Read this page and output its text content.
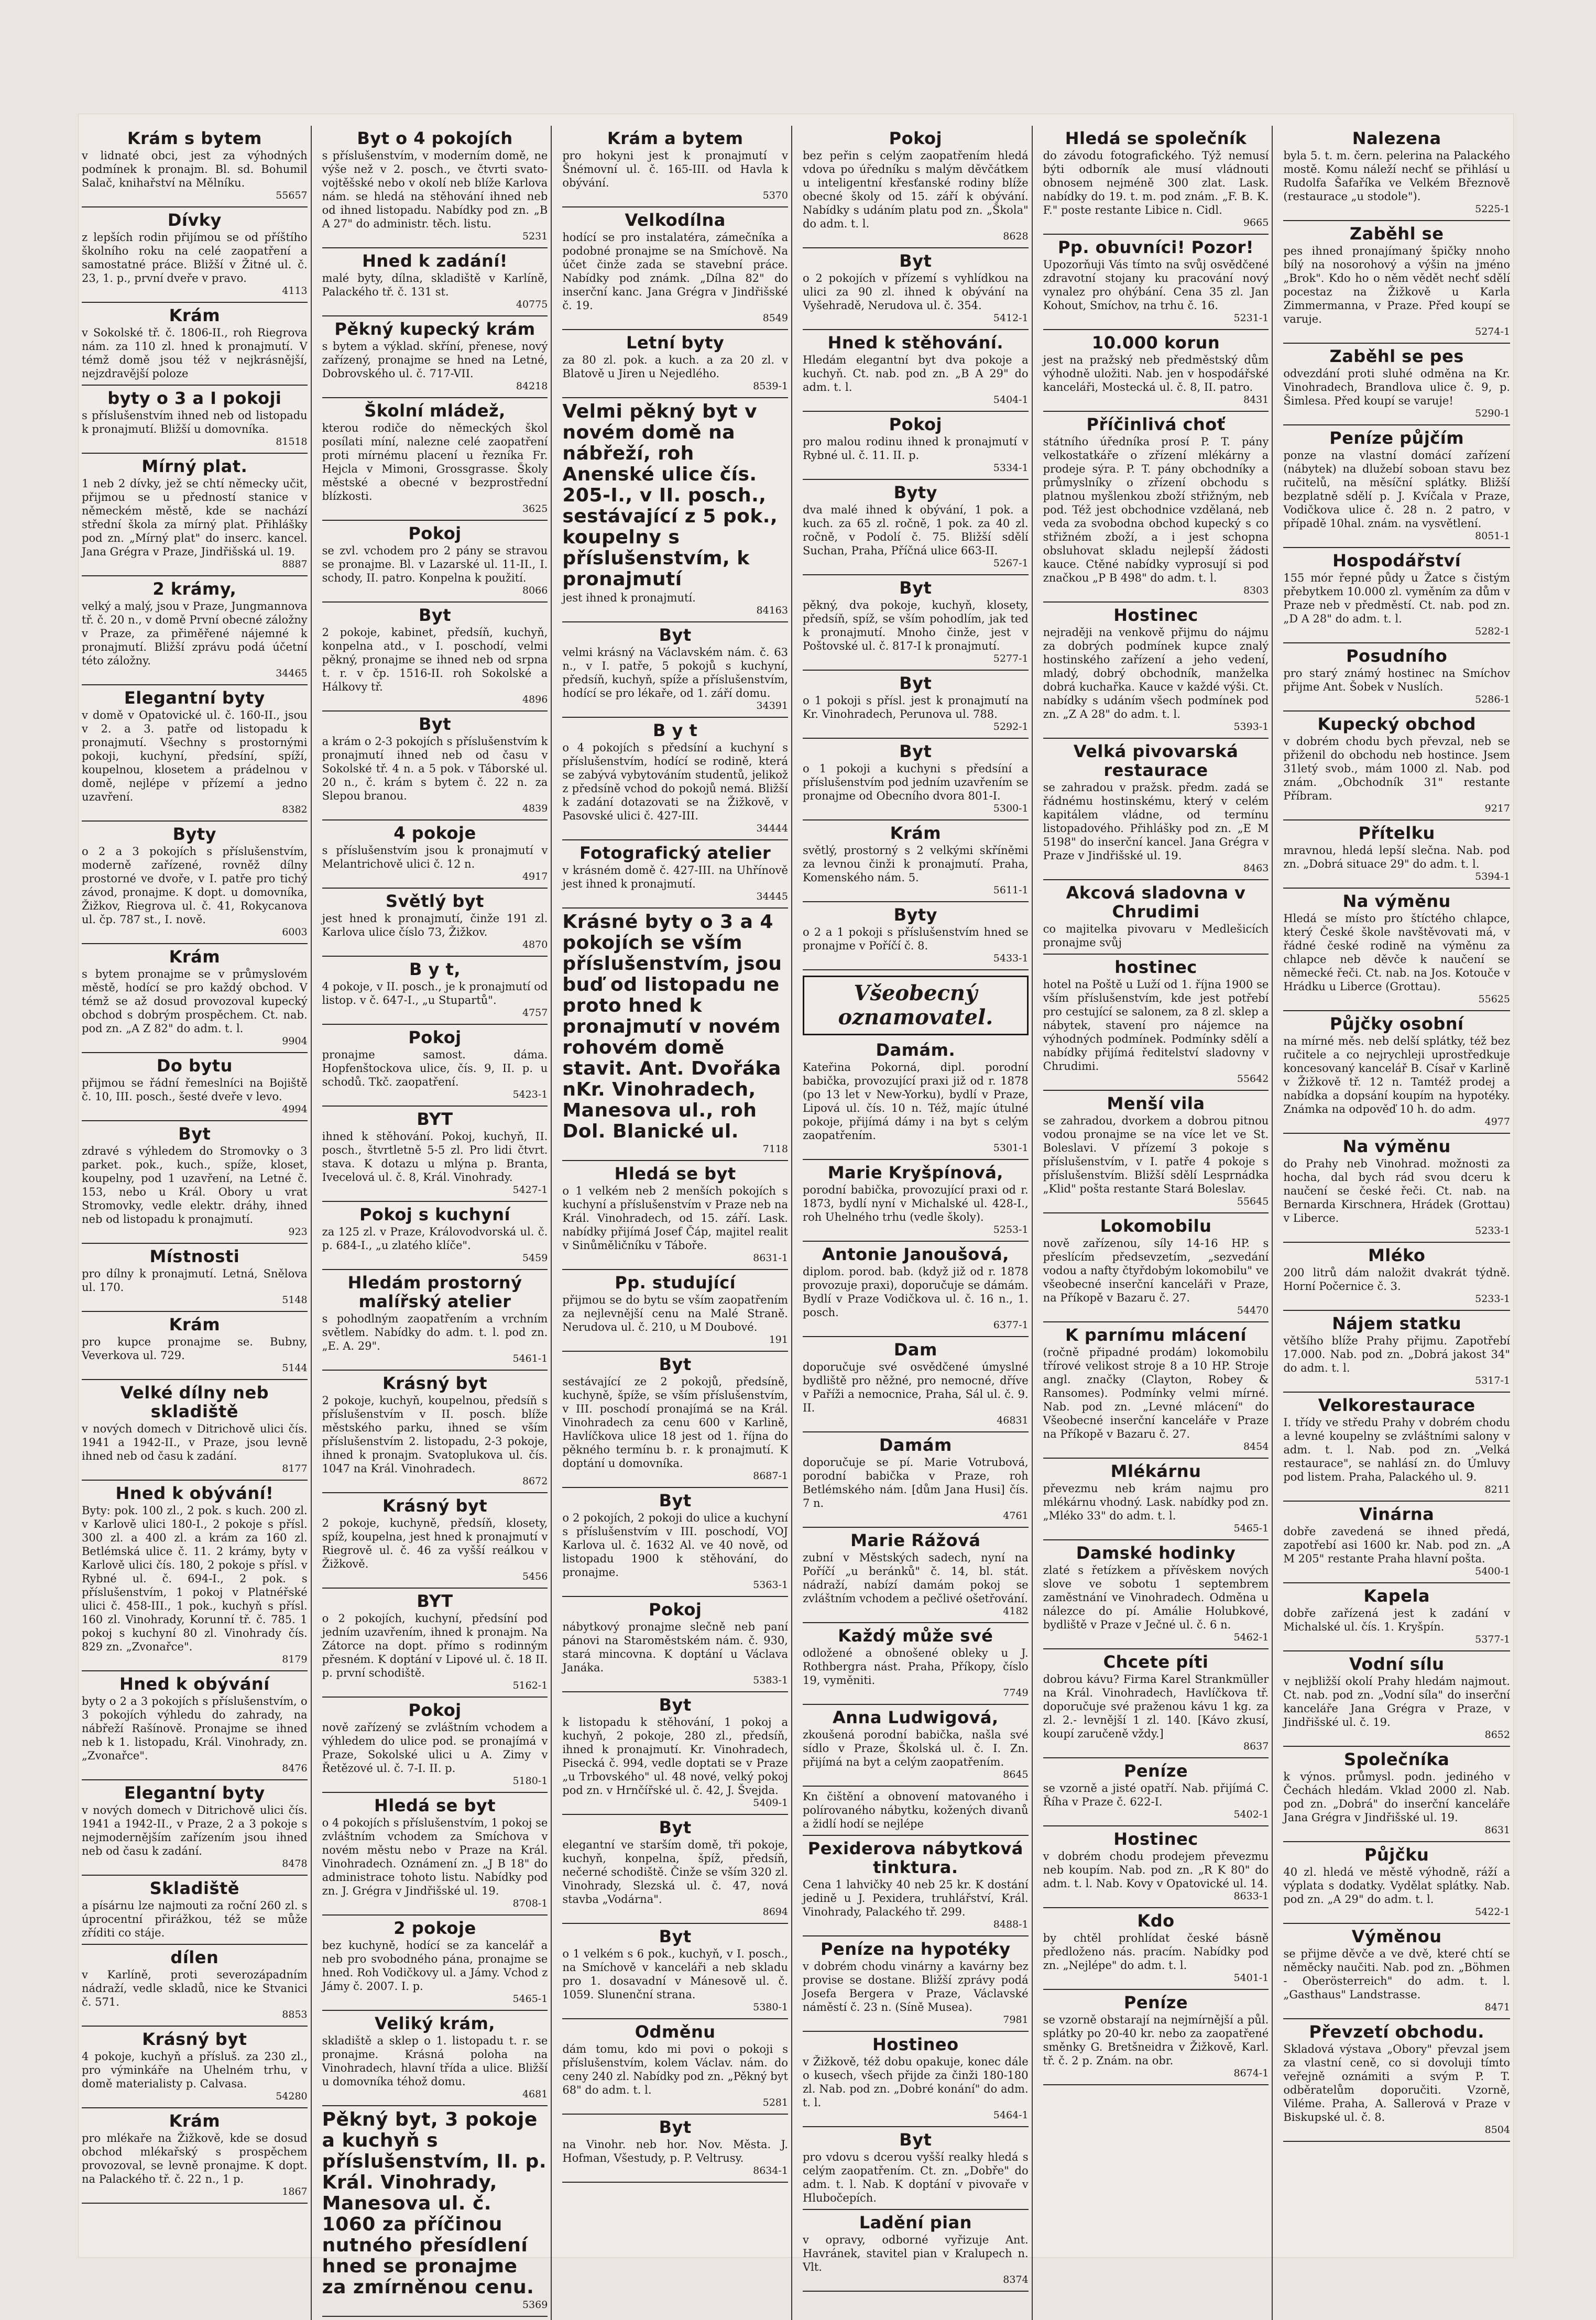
Krám s bytem
v lidnaté obci, jest za výhodných podmínek k pronajm. Bl. sd. Bohumil Salač, knihařství na Mělníku.
55657
Dívky
z lepších rodin přijímou se od příštího školního roku na celé zaopatření a samostatné práce. Bližší v Žitné ul. č. 23, 1. p., první dveře v pravo.
4113
Krám
v Sokolské tř. č. 1806-II., roh Riegrova nám. za 110 zl. hned k pronajmutí. V témž domě jsou též v nejkrásnější, nejzdravější poloze
byty o 3 a I pokoji
s příslušenstvím ihned neb od listopadu k pronajmutí. Bližší u domovníka.
81518
Mírný plat.
1 neb 2 dívky, jež se chtí německy učit, přijmou se u předností stanice v německém městě, kde se nachází střední škola za mírný plat. Přihlášky pod zn. „Mírný plat" do inserc. kancel. Jana Grégra v Praze, Jindřišská ul. 19.
8887
2 krámy,
velký a malý, jsou v Praze, Jungmannova tř. č. 20 n., v domě První obecné záložny v Praze, za přiměřené nájemné k pronajmutí. Bližší zprávu podá účetní této záložny.
34465
Elegantní byty
v domě v Opatovické ul. č. 160-II., jsou v 2. a 3. patře od listopadu k pronajmutí. Všechny s prostornými pokoji, kuchyní, předsíní, spíží, koupelnou, klosetem a prádelnou v domě, nejlépe v přízemí a jedno uzavření.
8382
Byty
o 2 a 3 pokojích s příslušenstvím, moderně zařízené, rovněž dílny prostorné ve dvoře, v I. patře pro tichý závod, pronajme. K dopt. u domovníka, Žižkov, Riegrova ul. č. 41, Rokycanova ul. čp. 787 st., I. nově.
6003
Krám
s bytem pronajme se v průmyslovém městě, hodící se pro každý obchod. V témž se až dosud provozoval kupecký obchod s dobrým prospěchem. Ct. nab. pod zn. „A Z 82" do adm. t. l.
9904
Do bytu
přijmou se řádní řemeslníci na Bojiště č. 10, III. posch., šesté dveře v levo.
4994
Byt
zdravé s výhledem do Stromovky o 3 parket. pok., kuch., spíže, kloset, koupelny, pod 1 uzavření, na Letné č. 153, nebo u Král. Obory u vrat Stromovky, vedle elektr. dráhy, ihned neb od listopadu k pronajmutí.
923
Místnosti
pro dílny k pronajmutí. Letná, Snělova ul. 170.
5148
Krám
pro kupce pronajme se. Bubny, Veverkova ul. 729.
5144
Velké dílny neb skladiště
v nových domech v Ditrichově ulici čís. 1941 a 1942-II., v Praze, jsou levně ihned neb od času k zadání.
8177
Hned k obývání!
Byty: pok. 100 zl., 2 pok. s kuch. 200 zl. v Karlově ulici 180-I., 2 pokoje s přísl. 300 zl. a 400 zl. a krám za 160 zl. Betlémská ulice č. 11. 2 krámy, byty v Karlově ulici čís. 180, 2 pokoje s přísl. v Rybné ul. č. 694-I., 2 pok. s příslušenstvím, 1 pokoj v Platnéřské ulici č. 458-III., 1 pok., kuchyň s přísl. 160 zl. Vinohrady, Korunní tř. č. 785. 1 pokoj s kuchyní 80 zl. Vinohrady čís. 829 zn. „Zvonařce".
8179
Hned k obývání
byty o 2 a 3 pokojích s příslušenstvím, o 3 pokojích výhledu do zahrady, na nábřeží Rašínově. Pronajme se ihned neb k 1. listopadu, Král. Vinohrady, zn. „Zvonařce".
8476
Elegantní byty
v nových domech v Ditrichově ulici čís. 1941 a 1942-II., v Praze, 2 a 3 pokoje s nejmodernějším zařízením jsou ihned neb od času k zadání.
8478
Skladiště
a písárnu lze najmouti za roční 260 zl. s úprocentní přirážkou, též se může zříditi co stáje.
dílen
v Karlíně, proti severozápadním nádraží, vedle skladů, nice ke Stvanici č. 571.
8853
Krásný byt
4 pokoje, kuchyň a přísluš. za 230 zl., pro výminkáře na Uhelném trhu, v domě materialisty p. Calvasa.
54280
Krám
pro mlékaře na Žižkově, kde se dosud obchod mlékařský s prospěchem provozoval, se levně pronajme. K dopt. na Palackého tř. č. 22 n., 1 p.
1867
Byt o 4 pokojích
s příslušenstvím, v moderním domě, ne výše než v 2. posch., ve čtvrti svato-vojtěšské nebo v okolí neb blíže Karlova nám. se hledá na stěhování ihned neb od ihned listopadu. Nabídky pod zn. „B A 27" do administr. těch. listu.
5231
Hned k zadání!
malé byty, dílna, skladiště v Karlíně, Palackého tř. č. 131 st.
40775
Pěkný kupecký krám
s bytem a výklad. skříní, přenese, nový zařízený, pronajme se hned na Letné, Dobrovského ul. č. 717-VII.
84218
Školní mládež,
kterou rodiče do německých škol posílati míní, nalezne celé zaopatření proti mírnému placení u řezníka Fr. Hejcla v Mimoni, Grossgrasse. Školy městské a obecné v bezprostřední blízkosti.
3625
Pokoj
se zvl. vchodem pro 2 pány se stravou se pronajme. Bl. v Lazarské ul. 11-II., I. schody, II. patro. Konpelna k použití.
8066
Byt
2 pokoje, kabinet, předsíň, kuchyň, konpelna atd., v I. poschodí, velmi pěkný, pronajme se ihned neb od srpna t. r. v čp. 1516-II. roh Sokolské a Hálkovy tř.
4896
Byt
a krám o 2-3 pokojích s příslušenstvím k pronajmutí ihned neb od času v Sokolské tř. 4 n. a 5 pok. v Táborské ul. 20 n., č. krám s bytem č. 22 n. za Slepou branou.
4839
4 pokoje
s příslušenstvím jsou k pronajmutí v Melantrichově ulici č. 12 n.
4917
Světlý byt
jest hned k pronajmutí, činže 191 zl. Karlova ulice číslo 73, Žižkov.
4870
B y t,
4 pokoje, v II. posch., je k pronajmutí od listop. v č. 647-I., „u Stupartů".
4757
Pokoj
pronajme samost. dáma. Hopfenštockova ulice, čís. 9, II. p. u schodů. Tkč. zaopatření.
5423-1
BYT
ihned k stěhování. Pokoj, kuchyň, II. posch., štvrtletně 5-5 zl. Pro lidi čtvrt. stava. K dotazu u mlýna p. Branta, Ivecelová ul. č. 8, Král. Vinohrady.
5427-1
Pokoj s kuchyní
za 125 zl. v Praze, Královodvorská ul. č. p. 684-I., „u zlatého klíče".
5459
Hledám prostorný malířský atelier
s pohodlným zaopatřením a vrchním světlem. Nabídky do adm. t. l. pod zn. „E. A. 29".
5461-1
Krásný byt
2 pokoje, kuchyň, koupelnou, předsíň s příslušenstvím v II. posch. blíže městského parku, ihned se vším příslušenstvím 2. listopadu, 2-3 pokoje, ihned k pronajm. Svatoplukova ul. čís. 1047 na Král. Vinohradech.
8672
Krásný byt
2 pokoje, kuchyně, předsíň, klosety, spíž, koupelna, jest hned k pronajmutí v Riegrově ul. č. 46 za vyšší reálkou v Žižkově.
5456
BYT
o 2 pokojích, kuchyní, předsíní pod jedním uzavřením, ihned k pronajm. Na Zátorce na dopt. přímo s rodinným přesném. K doptání v Lipové ul. č. 18 II. p. první schodiště.
5162-1
Pokoj
nově zařízený se zvláštním vchodem a výhledem do ulice pod. se pronajímá v Praze, Sokolské ulici u A. Zimy v Řetězové ul. č. 7-I. II. p.
5180-1
Hledá se byt
o 4 pokojích s příslušenstvím, 1 pokoj se zvláštním vchodem za Smíchova v novém městu nebo v Praze na Král. Vinohradech. Oznámení zn. „J B 18" do administrace tohoto listu. Nabídky pod zn. J. Grégra v Jindřišské ul. 19.
8708-1
2 pokoje
bez kuchyně, hodící se za kancelář a neb pro svobodného pána, pronajme se hned. Roh Vodičkovy ul. a Jámy. Vchod z Jámy č. 2007. I. p.
5465-1
Veliký krám,
skladiště a sklep o 1. listopadu t. r. se pronajme. Krásná poloha na Vinohradech, hlavní třída a ulice. Bližší u domovníka téhož domu.
4681
Pěkný byt, 3 pokoje a kuchyň s příslušenstvím, II. p. Král. Vinohrady, Manesova ul. č. 1060 za příčinou nutného přesídlení hned se pronajme za zmírněnou cenu.
5369
Krám a bytem
pro hokyni jest k pronajmutí v Šnémovní ul. č. 165-III. od Havla k obývání.
5370
Velkodílna
hodící se pro instalatéra, zámečníka a podobné pronajme se na Smíchově. Na účet činže zada se stavební práce. Nabídky pod známk. „Dílna 82" do inserční kanc. Jana Grégra v Jindřišské č. 19.
8549
Letní byty
za 80 zl. pok. a kuch. a za 20 zl. v Blatově u Jiren u Nejedlého.
8539-1
Velmi pěkný byt v novém domě na nábřeží, roh Anenské ulice čís. 205-I., v II. posch., sestávající z 5 pok., koupelny s příslušenstvím, k pronajmutí
jest ihned k pronajmutí.
84163
Byt
velmi krásný na Václavském nám. č. 63 n., v I. patře, 5 pokojů s kuchyní, předsíň, kuchyň, spíže a příslušenstvím, hodící se pro lékaře, od 1. září domu.
34391
B y t
o 4 pokojích s předsíní a kuchyní s příslušenstvím, hodící se rodině, která se zabývá vybytováním studentů, jelikož z předsíně vchod do pokojů nemá. Bližší k zadání dotazovati se na Žižkově, v Pasovské ulici č. 427-III.
34444
Fotografický atelier
v krásném domě č. 427-III. na Uhřínově jest ihned k pronajmutí.
34445
Krásné byty o 3 a 4 pokojích se vším příslušenstvím, jsou buď od listopadu ne proto hned k pronajmutí v novém rohovém domě stavit. Ant. Dvořáka nKr. Vinohradech, Manesova ul., roh Dol. Blanické ul.
7118
Hledá se byt
o 1 velkém neb 2 menších pokojích s kuchyní a příslušenstvím v Praze neb na Král. Vinohradech, od 15. září. Lask. nabídky přijímá Josef Čáp, majitel realit v Sinůměličníku v Táboře.
8631-1
Pp. studující
přijmou se do bytu se vším zaopatřením za nejlevnější cenu na Malé Straně. Nerudova ul. č. 210, u M Doubové.
191
Byt
sestávající ze 2 pokojů, předsíně, kuchyně, špíže, se vším příslušenstvím, v III. poschodí pronajímá se na Král. Vinohradech za cenu 600 v Karlině, Havlíčkova ulice 18 jest od 1. října do pěkného termínu b. r. k pronajmutí. K doptání u domovníka.
8687-1
Byt
o 2 pokojích, 2 pokoji do ulice a kuchyní s příslušenstvím v III. poschodí, VOJ Karlova ul. č. 1632 Al. ve 40 nově, od listopadu 1900 k stěhování, do pronajme.
5363-1
Pokoj
nábytkový pronajme slečně neb paní pánovi na Staroměstském nám. č. 930, stará mincovna. K doptání u Václava Janáka.
5383-1
Byt
k listopadu k stěhování, 1 pokoj a kuchyň, 2 pokoje, 280 zl., předsíň, ihned k pronajmutí. Kr. Vinohradech, Pisecká č. 994, vedle doptati se v Praze „u Trbovského" ul. 48 nové, velký pokoj pod zn. v Hrnčířské ul. č. 42, J. Švejda.
5409-1
Byt
elegantní ve starším domě, tři pokoje, kuchyň, konpelna, špíž, předsíň, nečerné schodiště. Činže se vším 320 zl. Vinohrady, Slezská ul. č. 47, nová stavba „Vodárna".
8694
Byt
o 1 velkém s 6 pok., kuchyň, v I. posch., na Smíchově v kanceláři a neb skladu pro 1. dosavadní v Mánesově ul. č. 1059. Slunenční strana.
5380-1
Odměnu
dám tomu, kdo mi povi o pokoji s příslušenstvím, kolem Václav. nám. do ceny 240 zl. Nabídky pod zn. „Pěkný byt 68" do adm. t. l.
5281
Byt
na Vinohr. neb hor. Nov. Města. J. Hofman, Všestudy, p. P. Veltrusy.
8634-1
Pokoj
bez peřin s celým zaopatřením hledá vdova po úředníku s malým děvčátkem u inteligentní křesťanské rodiny blíže obecné školy od 15. září k obývání. Nabídky s udáním platu pod zn. „Škola" do adm. t. l.
8628
Byt
o 2 pokojích v přízemí s vyhlídkou na ulici za 90 zl. ihned k obývání na Vyšehradě, Nerudova ul. č. 354.
5412-1
Hned k stěhování.
Hledám elegantní byt dva pokoje a kuchyň. Ct. nab. pod zn. „B A 29" do adm. t. l.
5404-1
Pokoj
pro malou rodinu ihned k pronajmutí v Rybné ul. č. 11. II. p.
5334-1
Byty
dva malé ihned k obývání, 1 pok. a kuch. za 65 zl. ročně, 1 pok. za 40 zl. ročně, v Podolí č. 75. Bližší sdělí Suchan, Praha, Příčná ulice 663-II.
5267-1
Byt
pěkný, dva pokoje, kuchyň, klosety, předsíň, spíž, se vším pohodlím, jak ted k pronajmutí. Mnoho činže, jest v Poštovské ul. č. 817-I k pronajmutí.
5277-1
Byt
o 1 pokoji s přísl. jest k pronajmutí na Kr. Vinohradech, Perunova ul. 788.
5292-1
Byt
o 1 pokoji a kuchyni s předsíní a příslušenstvím pod jedním uzavřením se pronajme od Obecního dvora 801-I.
5300-1
Krám
světlý, prostorný s 2 velkými skříněmi za levnou činži k pronajmutí. Praha, Komenského nám. 5.
5611-1
Byty
o 2 a 1 pokoji s příslušenstvím hned se pronajme v Poříčí č. 8.
5433-1
Všeobecný
oznamovatel.
Damám.
Kateřina Pokorná, dipl. porodní babička, provozující praxi již od r. 1878 (po 13 let v New-Yorku), bydlí v Praze, Lipová ul. čís. 10 n. Též, majíc útulné pokoje, přijímá dámy i na byt s celým zaopatřením.
5301-1
Marie Kryšpínová,
porodní babička, provozující praxi od r. 1873, bydlí nyní v Michalské ul. 428-I., roh Uhelného trhu (vedle školy).
5253-1
Antonie Janoušová,
diplom. porod. bab. (když již od r. 1878 provozuje praxi), doporučuje se dámám. Bydlí v Praze Vodičkova ul. č. 16 n., 1. posch.
6377-1
Dam
doporučuje své osvědčené úmyslné bydliště pro něžné, pro nemocné, dříve v Paříži a nemocnice, Praha, Sál ul. č. 9. II.
46831
Damám
doporučuje se pí. Marie Votrubová, porodní babička v Praze, roh Betlémského nám. [dům Jana Husi] čís. 7 n.
4761
Marie Rážová
zubní v Městských sadech, nyní na Poříčí „u beránků" č. 14, bl. stát. nádraží, nabízí damám pokoj se zvláštním vchodem a pečlivé ošetřování.
4182
Každý může své
odložené a obnošené obleky u J. Rothbergra nást. Praha, Příkopy, číslo 19, vyměniti.
7749
Anna Ludwigová,
zkoušená porodní babička, našla své sídlo v Praze, Školská ul. č. I. Zn. přijímá na byt a celým zaopatřením.
8645
Kn čištění a obnovení matovaného i polírovaného nábytku, kožených divanů a židlí hodí se nejlépe
Pexiderova nábytková tinktura.
Cena 1 lahvičky 40 neb 25 kr. K dostání jedině u J. Pexidera, truhlářství, Král. Vinohrady, Palackého tř. 299.
8488-1
Peníze na hypotéky
v dobrém chodu vinárny a kavárny bez provise se dostane. Bližší zprávy podá Josefa Bergera v Praze, Václavské náměstí č. 23 n. (Síně Musea).
7981
Hostineo
v Žižkově, též dobu opakuje, konec dále o kusech, všech přijde za činži 180-180 zl. Nab. pod zn. „Dobré konání" do adm. t. l.
5464-1
Byt
pro vdovu s dcerou vyšší realky hledá s celým zaopatřením. Ct. zn. „Dobře" do adm. t. l. Nab. K doptání v pivovaře v Hlubočepích.
Ladění pian
v opravy, odborné vyřizuje Ant. Havránek, stavitel pian v Kralupech n. Vlt.
8374
Hledá se společník
do závodu fotografického. Týž nemusí býti odborník ale musí vládnouti obnosem nejméně 300 zlat. Lask. nabídky do 19. t. m. pod znám. „F. B. K. F." poste restante Libice n. Cidl.
9665
Pp. obuvníci! Pozor!
Upozorňuji Vás tímto na svůj osvědčené zdravotní stojany ku pracování nový vynalez pro ohýbání. Cena 35 zl. Jan Kohout, Smíchov, na trhu č. 16.
5231-1
10.000 korun
jest na pražský neb předměstský dům výhodně uložiti. Nab. jen v hospodářské kanceláři, Mostecká ul. č. 8, II. patro.
8431
Příčinlivá choť
státního úředníka prosí P. T. pány velkostatkáře o zřízení mlékárny a prodeje sýra. P. T. pány obchodníky a průmyslníky o zřízení obchodu s platnou myšlenkou zboží střižným, neb pod. Též jest obchodnice vzdělaná, neb veda za svobodna obchod kupecký s co střižném zboží, a i jest schopna obsluhovat skladu nejlepší žádosti kauce. Ctěné nabídky vyprosují si pod značkou „P B 498" do adm. t. l.
8303
Hostinec
nejraději na venkově přijmu do nájmu za dobrých podmínek kupce znalý hostinského zařízení a jeho vedení, mladý, dobrý obchodník, manželka dobrá kuchařka. Kauce v každé výši. Ct. nabídky s udáním všech podmínek pod zn. „Z A 28" do adm. t. l.
5393-1
Velká pivovarská restaurace
se zahradou v pražsk. předm. zadá se řádnému hostinskému, který v celém kapitálem vládne, od termínu listopadového. Přihlášky pod zn. „E M 5198" do inserční kancel. Jana Grégra v Praze v Jindřišské ul. 19.
8463
Akcová sladovna v Chrudimi
co majitelka pivovaru v Medlešicích pronajme svůj
hostinec
hotel na Poště u Luží od 1. října 1900 se vším příslušenstvím, kde jest potřebí pro cestující se salonem, za 8 zl. sklep a nábytek, stavení pro nájemce na výhodných podmínek. Podmínky sdělí a nabídky přijímá ředitelství sladovny v Chrudimi.
55642
Menší vila
se zahradou, dvorkem a dobrou pitnou vodou pronajme se na více let ve St. Boleslavi. V přízemí 3 pokoje s příslušenstvím, v I. patře 4 pokoje s příslušenstvím. Bližší sdělí Lesprnádka „Klid" pošta restante Stará Boleslav.
55645
Lokomobilu
nově zařízenou, síly 14-16 HP. s přeslícím předsevzetím, „sezvedání vodou a nafty čtyřdobým lokomobilu" ve všeobecné inserční kanceláři v Praze, na Příkopě v Bazaru č. 27.
54470
K parnímu mlácení
(ročně připadné prodám) lokomobilu třírové velikost stroje 8 a 10 HP. Stroje angl. značky (Clayton, Robey & Ransomes). Podmínky velmi mírné. Nab. pod zn. „Levné mlácení" do Všeobecné inserční kanceláře v Praze na Příkopě v Bazaru č. 27.
8454
Mlékárnu
převezmu neb krám najmu pro mlékárnu vhodný. Lask. nabídky pod zn. „Mléko 33" do adm. t. l.
5465-1
Damské hodinky
zlaté s řetízkem a přívěskem nových slove ve sobotu 1 septembrem zaměstnání ve Vinohradech. Odměna u nálezce do pí. Amálie Holubkové, bydliště v Praze v Ječné ul. č. 6 n.
5462-1
Chcete píti
dobrou kávu? Firma Karel Strankmüller na Král. Vinohradech, Havlíčkova tř. doporučuje své praženou kávu 1 kg. za zl. 2.- levnější 1 zl. 140. [Kávo zkusí, koupí zaručeně vždy.]
8637
Peníze
se vzorně a jisté opatří. Nab. přijímá C. Říha v Praze č. 622-I.
5402-1
Hostinec
v dobrém chodu prodejem převezmu neb koupím. Nab. pod zn. „R K 80" do adm. t. l. Nab. Kovy v Opatovické ul. 14.
8633-1
Kdo
by chtěl prohlídat české básně předloženo nás. pracím. Nabídky pod zn. „Nejlépe" do adm. t. l.
5401-1
Peníze
se vzorně obstarají na nejmírnější a půl. splátky po 20-40 kr. nebo za zaopatřené směnky G. Bretšneidra v Žižkově, Karl. tř. č. 2 p. Znám. na obr.
8674-1
Nalezena
byla 5. t. m. čern. pelerina na Palackého mostě. Komu náleží nechť se přihlásí u Rudolfa Šafaříka ve Velkém Březnově (restaurace „u stodole").
5225-1
Zaběhl se
pes ihned pronajímaný špičky nnoho bílý na nosorohový a výšin na jméno „Brok". Kdo ho o něm vědět nechť sdělí pocestaz na Žižkově u Karla Zimmermanna, v Praze. Před koupí se varuje.
5274-1
Zaběhl se pes
odvezdání proti sluhé odměna na Kr. Vinohradech, Brandlova ulice č. 9, p. Šimlesa. Před koupí se varuje!
5290-1
Peníze půjčím
ponze na vlastní domácí zařízení (nábytek) na dlužebí soboan stavu bez ručitelů, na měsíční splátky. Bližší bezplatně sdělí p. J. Kvíčala v Praze, Vodičkova ulice č. 28 n. 2 patro, v případě 10hal. znám. na vysvětlení.
8051-1
Hospodářství
155 mór řepné půdy u Žatce s čistým přebytkem 10.000 zl. vyměním za dům v Praze neb v předměstí. Ct. nab. pod zn. „D A 28" do adm. t. l.
5282-1
Posudního
pro starý známý hostinec na Smíchov přijme Ant. Šobek v Nuslích.
5286-1
Kupecký obchod
v dobrém chodu bych převzal, neb se přiženil do obchodu neb hostince. Jsem 31letý svob., mám 1000 zl. Nab. pod znám. „Obchodník 31" restante Příbram.
9217
Přítelku
mravnou, hledá lepší slečna. Nab. pod zn. „Dobrá situace 29" do adm. t. l.
5394-1
Na výměnu
Hledá se místo pro štíctého chlapce, který České škole navštěvovati má, v řádné české rodině na výměnu za chlapce neb děvče k naučení se německé řeči. Ct. nab. na Jos. Kotouče v Hrádku u Liberce (Grottau).
55625
Půjčky osobní
na mírné měs. neb delší splátky, též bez ručitele a co nejrychleji uprostředkuje koncesovaný kancelář B. Císař v Karlině v Žižkově tř. 12 n. Tamtéž prodej a nabídka a dopsání koupím na hypotéky. Známka na odpověď 10 h. do adm.
4977
Na výměnu
do Prahy neb Vinohrad. možnosti za hocha, dal bych rád svou dceru k naučení se české řeči. Ct. nab. na Bernarda Kirschnera, Hrádek (Grottau) v Liberce.
5233-1
Mléko
200 litrů dám naložit dvakrát týdně. Horní Počernice č. 3.
5233-1
Nájem statku
většího blíže Prahy přijmu. Zapotřebí 17.000. Nab. pod zn. „Dobrá jakost 34" do adm. t. l.
5317-1
Velkorestaurace
I. třídy ve středu Prahy v dobrém chodu a levné koupelny se zvláštními salony v adm. t. l. Nab. pod zn. „Velká restaurace", se nahlásí zn. do Úmluvy pod listem. Praha, Palackého ul. 9.
8211
Vinárna
dobře zavedená se ihned předá, zapotřebí asi 1600 kr. Nab. pod zn. „A M 205" restante Praha hlavní pošta.
5400-1
Kapela
dobře zařízená jest k zadání v Michalské ul. čís. 1. Kryšpín.
5377-1
Vodní sílu
v nejbližší okolí Prahy hledám najmout. Ct. nab. pod zn. „Vodní síla" do inserční kanceláře Jana Grégra v Praze, v Jindřišské ul. č. 19.
8652
Společníka
k výnos. průmysl. podn. jediného v Čechách hledám. Vklad 2000 zl. Nab. pod zn. „Dobrá" do inserční kanceláře Jana Grégra v Jindřišské ul. 19.
8631
Půjčku
40 zl. hledá ve městě výhodně, ráží a výplata s dodatky. Vydělat splátky. Nab. pod zn. „A 29" do adm. t. l.
5422-1
Výměnou
se přijme děvče a ve dvě, které chtí se něměcky naučiti. Nab. pod zn. „Böhmen - Oberösterreich" do adm. t. l. „Gasthaus" Landstrasse.
8471
Převzetí obchodu.
Skladová výstava „Obory" převzal jsem za vlastní ceně, co si dovoluji tímto veřejně oznámiti a svým P. T. odběratelům doporučiti. Vzorně, Viléme. Praha, A. Sallerová v Praze v Biskupské ul. č. 8.
8504
